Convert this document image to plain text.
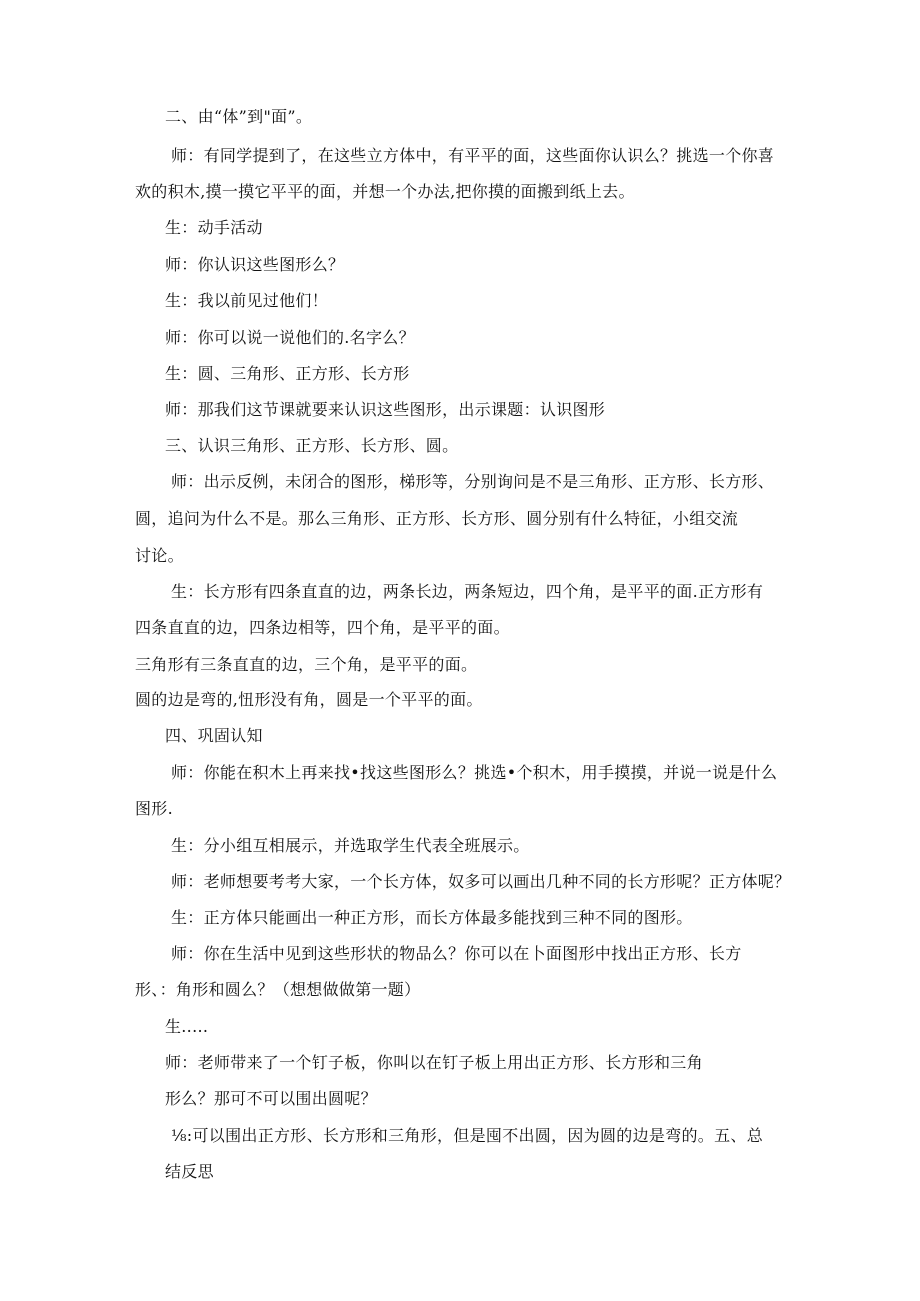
二、由“体”到"面”。
师：有同学提到了，在这些立方体中，有平平的面，这些面你认识么？挑选一个你喜
欢的积木,摸一摸它平平的面，并想一个办法,把你摸的面搬到纸上去。
生：动手活动
师：你认识这些图形么？
生：我以前见过他们！
师：你可以说一说他们的.名字么？
生：圆、三角形、正方形、长方形
师：那我们这节课就要来认识这些图形，出示课题：认识图形
三、认识三角形、正方形、长方形、圆。
师：出示反例，未闭合的图形，梯形等，分别询问是不是三角形、正方形、长方形、
圆，追问为什么不是。那么三角形、正方形、长方形、圆分别有什么特征，小组交流
讨论。
生：长方形有四条直直的边，两条长边，两条短边，四个角，是平平的面.正方形有
四条直直的边，四条边相等，四个角，是平平的面。
三角形有三条直直的边，三个角，是平平的面。
圆的边是弯的,忸形没有角，圆是一个平平的面。
四、巩固认知
师：你能在积木上再来找•找这些图形么？挑选•个积木，用手摸摸，并说一说是什么
图形.
生：分小组互相展示，并选取学生代表全班展示。
师：老师想要考考大家，一个长方体，奴多可以画出几种不同的长方形呢？正方体呢？
生：正方体只能画出一种正方形，而长方体最多能找到三种不同的图形。
师：你在生活中见到这些形状的物品么？你可以在卜面图形中找出正方形、长方
形、：角形和圆么？（想想做做第一题）
生.....
师：老师带来了一个钉子板，你叫以在钉子板上用出正方形、长方形和三角
形么？那可不可以围出圆呢？
⅛:可以围出正方形、长方形和三角形，但是囤不出圆，因为圆的边是弯的。五、总
结反思
